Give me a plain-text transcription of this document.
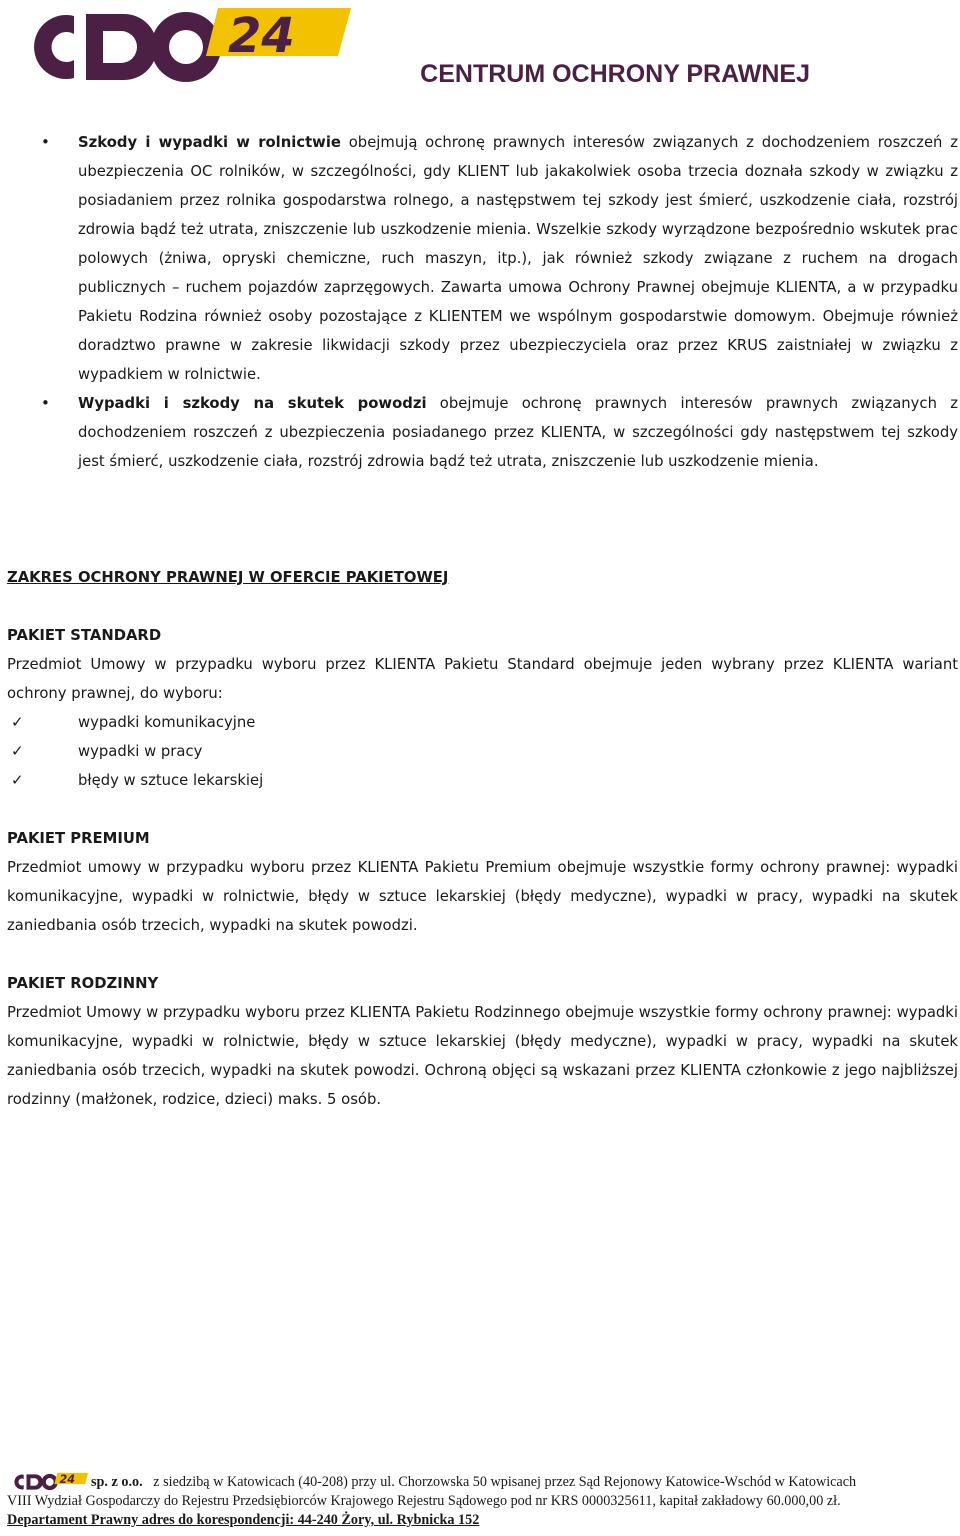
24
CENTRUM OCHRONY PRAWNEJ

• Szkody i wypadki w rolnictwie obejmują ochronę prawnych interesów związanych z dochodzeniem roszczeń z ubezpieczenia OC rolników, w szczególności, gdy KLIENT lub jakakolwiek osoba trzecia doznała szkody w związku z posiadaniem przez rolnika gospodarstwa rolnego, a następstwem tej szkody jest śmierć, uszkodzenie ciała, rozstrój zdrowia bądź też utrata, zniszczenie lub uszkodzenie mienia. Wszelkie szkody wyrządzone bezpośrednio wskutek prac polowych (żniwa, opryski chemiczne, ruch maszyn, itp.), jak również szkody związane z ruchem na drogach publicznych – ruchem pojazdów zaprzęgowych. Zawarta umowa Ochrony Prawnej obejmuje KLIENTA, a w przypadku Pakietu Rodzina również osoby pozostające z KLIENTEM we wspólnym gospodarstwie domowym. Obejmuje również doradztwo prawne w zakresie likwidacji szkody przez ubezpieczyciela oraz przez KRUS zaistniałej w związku z wypadkiem w rolnictwie.

• Wypadki i szkody na skutek powodzi obejmuje ochronę prawnych interesów prawnych związanych z dochodzeniem roszczeń z ubezpieczenia posiadanego przez KLIENTA, w szczególności gdy następstwem tej szkody jest śmierć, uszkodzenie ciała, rozstrój zdrowia bądź też utrata, zniszczenie lub uszkodzenie mienia.

ZAKRES OCHRONY PRAWNEJ W OFERCIE PAKIETOWEJ

PAKIET STANDARD

Przedmiot Umowy w przypadku wyboru przez KLIENTA Pakietu Standard obejmuje jeden wybrany przez KLIENTA wariant ochrony prawnej, do wyboru:

✓	wypadki komunikacyjne
✓	wypadki w pracy
✓	błędy w sztuce lekarskiej

PAKIET PREMIUM

Przedmiot umowy w przypadku wyboru przez KLIENTA Pakietu Premium obejmuje wszystkie formy ochrony prawnej: wypadki komunikacyjne, wypadki w rolnictwie, błędy w sztuce lekarskiej (błędy medyczne), wypadki w pracy, wypadki na skutek zaniedbania osób trzecich, wypadki na skutek powodzi.

PAKIET RODZINNY

Przedmiot Umowy w przypadku wyboru przez KLIENTA Pakietu Rodzinnego obejmuje wszystkie formy ochrony prawnej: wypadki komunikacyjne, wypadki w rolnictwie, błędy w sztuce lekarskiej (błędy medyczne), wypadki w pracy, wypadki na skutek zaniedbania osób trzecich, wypadki na skutek powodzi. Ochroną objęci są wskazani przez KLIENTA członkowie z jego najbliższej rodzinny (małżonek, rodzice, dzieci) maks. 5 osób.

24	sp. z o.o. z siedzibą w Katowicach (40-208) przy ul. Chorzowska 50 wpisanej przez Sąd Rejonowy Katowice-Wschód w Katowicach
VIII Wydział Gospodarczy do Rejestru Przedsiębiorców Krajowego Rejestru Sądowego pod nr KRS 0000325611, kapitał zakładowy 60.000,00 zł.
Departament Prawny adres do korespondencji: 44-240 Żory, ul. Rybnicka 152
